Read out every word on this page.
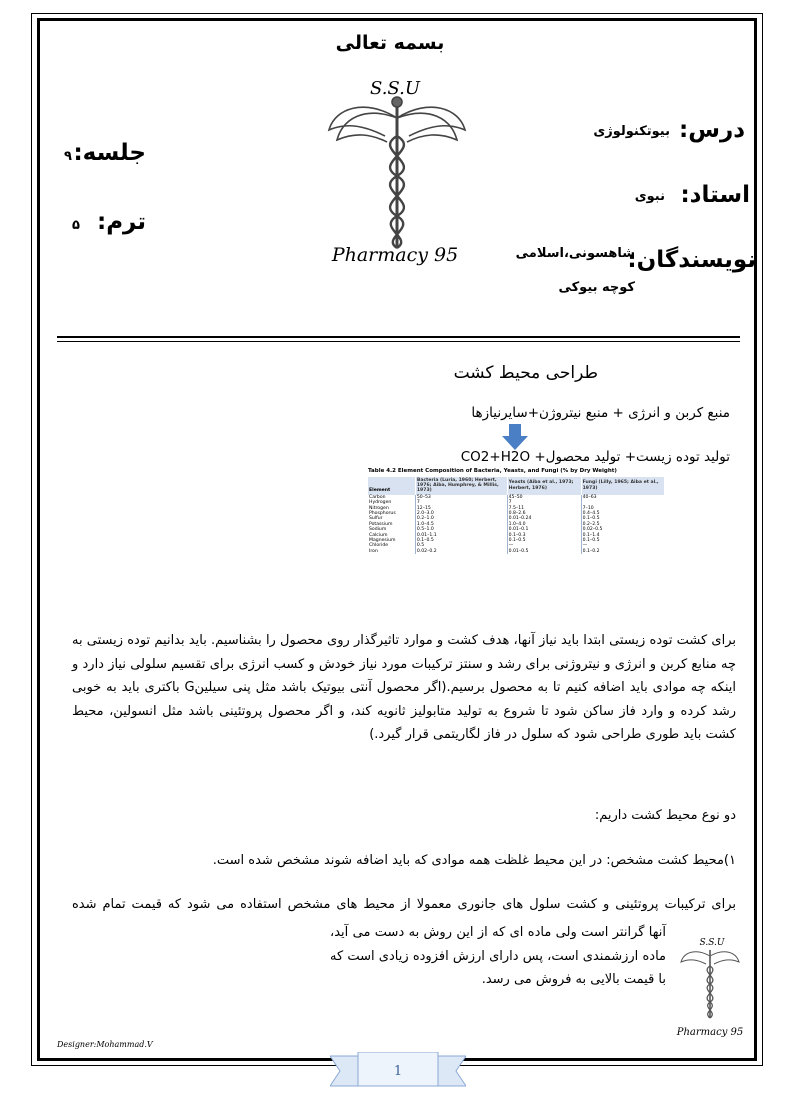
بسمه تعالی
S.S.U
Pharmacy 95
درس:
بیوتکنولوژی
استاد:
نبوی
نویسندگان:
شاهسونی،اسلامی
کوچه بیوکی
جلسه:
۹
ترم:
۵
طراحی محیط کشت
منبع کربن و انرژی + منبع نیتروژن+سایرنیازها
تولید توده زیست+ تولید محصول+ CO2+H2O
Table 4.2 Element Composition of Bacteria, Yeasts, and Fungi (% by Dry Weight)
Element	Bacteria (Luria, 1960; Herbert, 1976; Aiba, Humphrey, & Millis, 1973)	Yeasts (Aiba et al., 1973; Herbert, 1976)	Fungi (Lilly, 1965; Aiba et al., 1973)
Carbon	50–53	45–50	40–63
Hydrogen	7	7	
Nitrogen	12–15	7.5–11	7–10
Phosphorus	2.0–3.0	0.8–2.6	0.4–4.5
Sulfur	0.2–1.0	0.01–0.24	0.1–0.5
Potassium	1.0–4.5	1.0–4.0	0.2–2.5
Sodium	0.5–1.0	0.01–0.1	0.02–0.5
Calcium	0.01–1.1	0.1–0.3	0.1–1.4
Magnesium	0.1–0.5	0.1–0.5	0.1–0.5
Chloride	0.5	—	—
Iron	0.02–0.2	0.01–0.5	0.1–0.2
برای کشت توده زیستی ابتدا باید نیاز آنها، هدف کشت و موارد تاثیرگذار روی محصول را بشناسیم. باید بدانیم توده زیستی به چه منابع کربن و انرژی و نیتروژنی برای رشد و سنتز ترکیبات مورد نیاز خودش و کسب انرژی برای تقسیم سلولی نیاز دارد و اینکه چه موادی باید اضافه کنیم تا به محصول برسیم.(اگر محصول آنتی بیوتیک باشد مثل پنی سیلینG باکتری باید به خوبی رشد کرده و وارد فاز ساکن شود تا شروع به تولید متابولیز ثانویه کند، و اگر محصول پروتئینی باشد مثل انسولین، محیط کشت باید طوری طراحی شود که سلول در فاز لگاریتمی قرار گیرد.)
دو نوع محیط کشت داریم:
۱)محیط کشت مشخص: در این محیط غلظت همه موادی که باید اضافه شوند مشخص شده است.
برای ترکیبات پروتئینی و کشت سلول های جانوری معمولا از محیط های مشخص استفاده می شود که قیمت تمام شده
آنها گرانتر است ولی ماده ای که از این روش به دست می آید، ماده ارزشمندی است، پس دارای ارزش افزوده زیادی است که با قیمت بالایی به فروش می رسد.
S.S.U
Pharmacy 95
Designer:Mohammad.V
1
